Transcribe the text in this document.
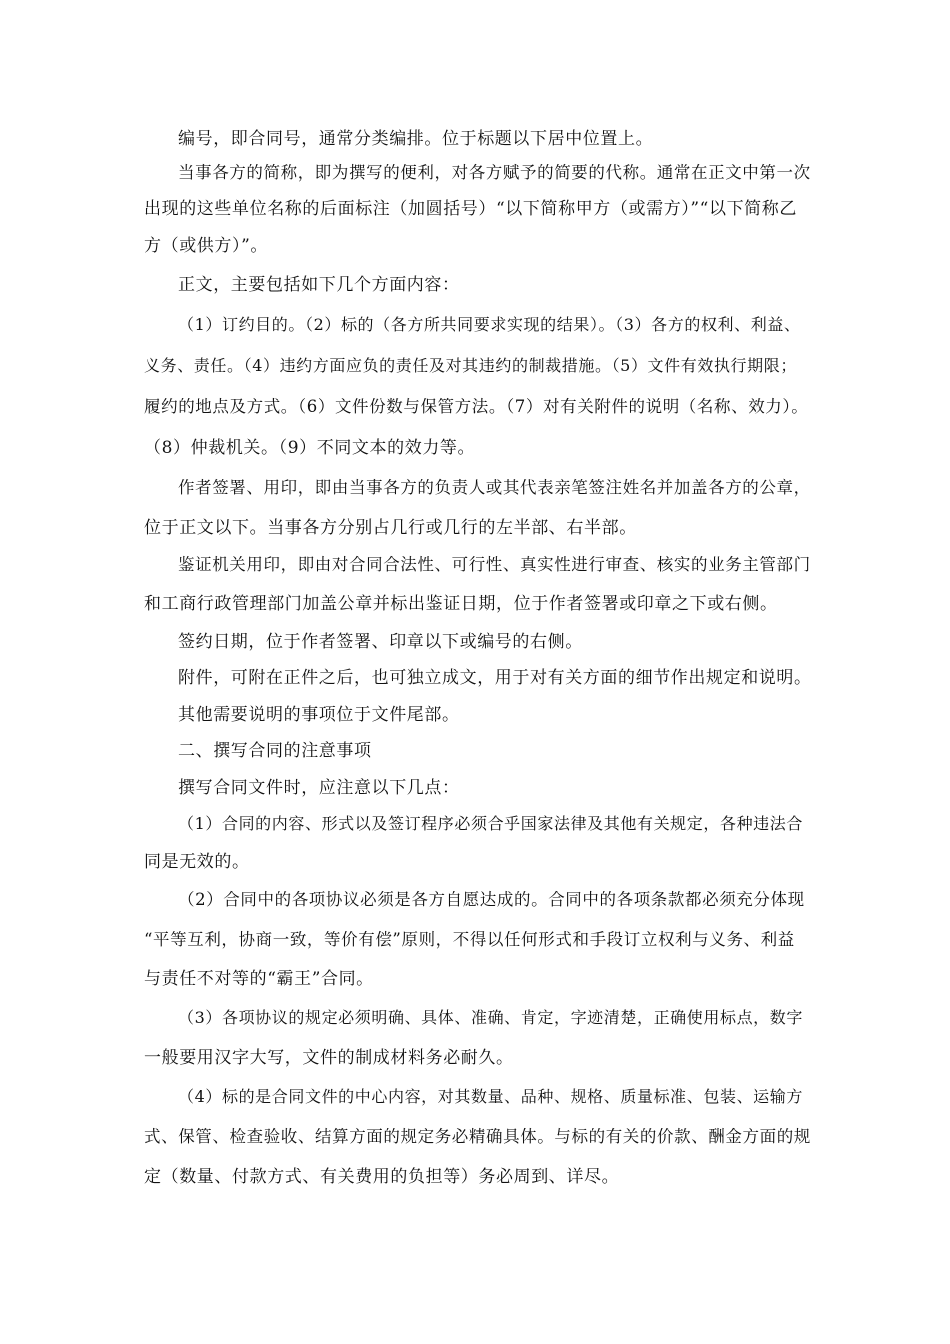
编号，即合同号，通常分类编排。位于标题以下居中位置上。
当事各方的简称，即为撰写的便利，对各方赋予的简要的代称。通常在正文中第一次
出现的这些单位名称的后面标注（加圆括号）“以下简称甲方（或需方）”“以下简称乙
方（或供方）”。
正文，主要包括如下几个方面内容：
（1）订约目的。（2）标的（各方所共同要求实现的结果）。（3）各方的权利、利益、
义务、责任。（4）违约方面应负的责任及对其违约的制裁措施。（5）文件有效执行期限；
履约的地点及方式。（6）文件份数与保管方法。（7）对有关附件的说明（名称、效力）。
（8）仲裁机关。（9）不同文本的效力等。
作者签署、用印，即由当事各方的负责人或其代表亲笔签注姓名并加盖各方的公章，
位于正文以下。当事各方分别占几行或几行的左半部、右半部。
鉴证机关用印，即由对合同合法性、可行性、真实性进行审查、核实的业务主管部门
和工商行政管理部门加盖公章并标出鉴证日期，位于作者签署或印章之下或右侧。
签约日期，位于作者签署、印章以下或编号的右侧。
附件，可附在正件之后，也可独立成文，用于对有关方面的细节作出规定和说明。
其他需要说明的事项位于文件尾部。
二、撰写合同的注意事项
撰写合同文件时，应注意以下几点：
（1）合同的内容、形式以及签订程序必须合乎国家法律及其他有关规定，各种违法合
同是无效的。
（2）合同中的各项协议必须是各方自愿达成的。合同中的各项条款都必须充分体现
“平等互利，协商一致，等价有偿”原则，不得以任何形式和手段订立权利与义务、利益
与责任不对等的“霸王”合同。
（3）各项协议的规定必须明确、具体、准确、肯定，字迹清楚，正确使用标点，数字
一般要用汉字大写，文件的制成材料务必耐久。
（4）标的是合同文件的中心内容，对其数量、品种、规格、质量标准、包装、运输方
式、保管、检查验收、结算方面的规定务必精确具体。与标的有关的价款、酬金方面的规
定（数量、付款方式、有关费用的负担等）务必周到、详尽。
